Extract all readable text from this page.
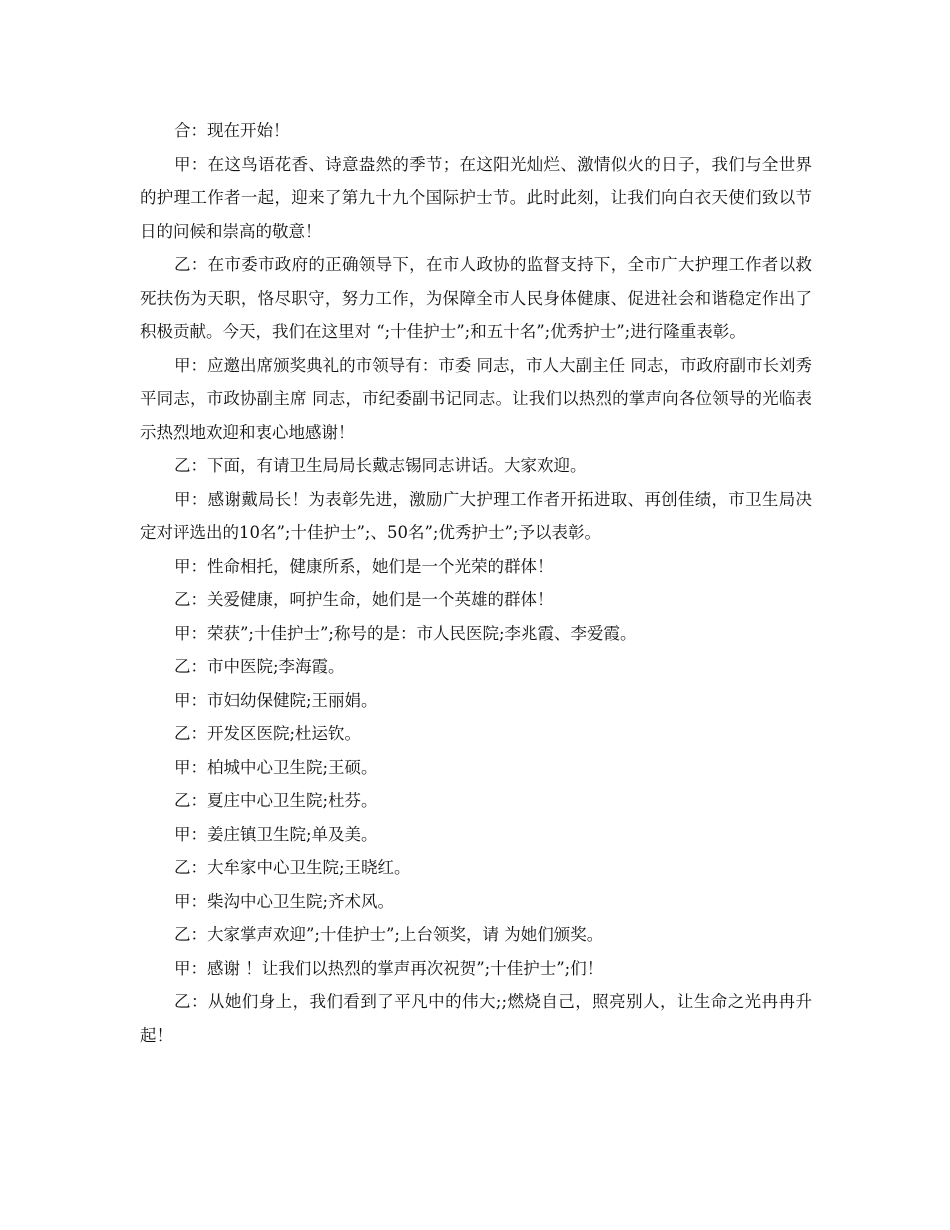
合：现在开始！

甲：在这鸟语花香、诗意盎然的季节；在这阳光灿烂、激情似火的日子，我们与全世界的护理工作者一起，迎来了第九十九个国际护士节。此时此刻，让我们向白衣天使们致以节日的问候和崇高的敬意！

乙：在市委市政府的正确领导下，在市人政协的监督支持下，全市广大护理工作者以救死扶伤为天职，恪尽职守，努力工作，为保障全市人民身体健康、促进社会和谐稳定作出了积极贡献。今天，我们在这里对 “;十佳护士”;和五十名”;优秀护士”;进行隆重表彰。

甲：应邀出席颁奖典礼的市领导有：市委 同志，市人大副主任 同志，市政府副市长刘秀平同志，市政协副主席 同志，市纪委副书记同志。让我们以热烈的掌声向各位领导的光临表示热烈地欢迎和衷心地感谢！

乙：下面，有请卫生局局长戴志锡同志讲话。大家欢迎。

甲：感谢戴局长！为表彰先进，激励广大护理工作者开拓进取、再创佳绩，市卫生局决定对评选出的10名”;十佳护士”;、50名”;优秀护士”;予以表彰。

甲：性命相托，健康所系，她们是一个光荣的群体！

乙：关爱健康，呵护生命，她们是一个英雄的群体！

甲：荣获”;十佳护士”;称号的是：市人民医院;李兆霞、李爱霞。

乙：市中医院;李海霞。

甲：市妇幼保健院;王丽娟。

乙：开发区医院;杜运钦。

甲：柏城中心卫生院;王硕。

乙：夏庄中心卫生院;杜芬。

甲：姜庄镇卫生院;单及美。

乙：大牟家中心卫生院;王晓红。

甲：柴沟中心卫生院;齐术风。

乙：大家掌声欢迎”;十佳护士”;上台领奖，请 为她们颁奖。

甲：感谢 ！让我们以热烈的掌声再次祝贺”;十佳护士”;们！

乙：从她们身上，我们看到了平凡中的伟大;;燃烧自己，照亮别人，让生命之光冉冉升起！
